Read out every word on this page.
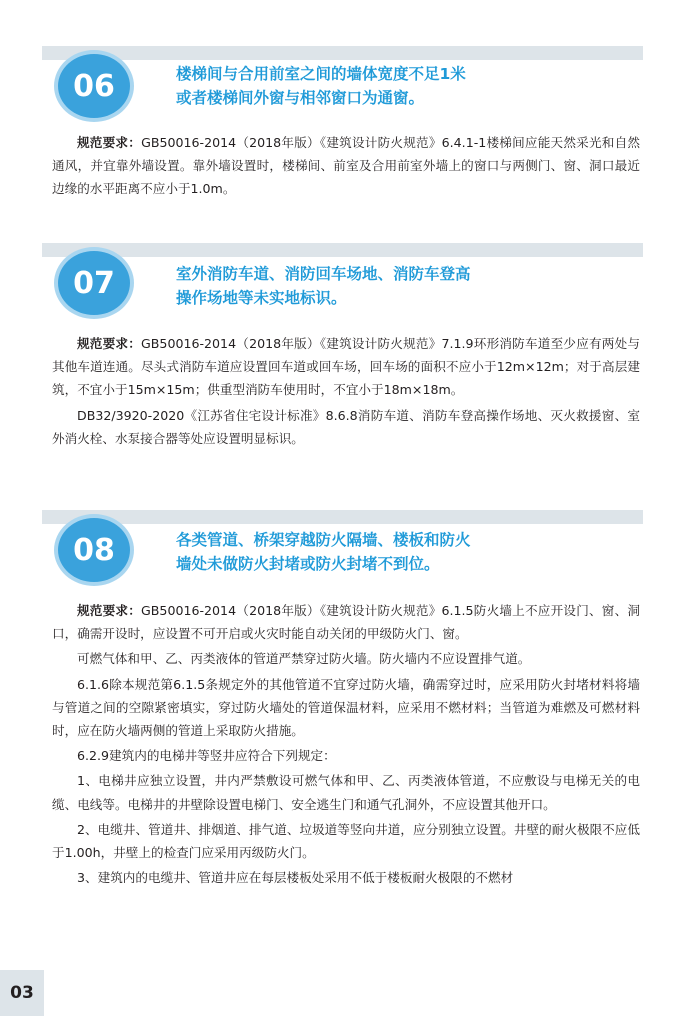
06	楼梯间与合用前室之间的墙体宽度不足1米
或者楼梯间外窗与相邻窗口为通窗。

规范要求：GB50016-2014（2018年版）《建筑设计防火规范》6.4.1-1楼梯间应能天然采光和自然通风，并宜靠外墙设置。靠外墙设置时，楼梯间、前室及合用前室外墙上的窗口与两侧门、窗、洞口最近边缘的水平距离不应小于1.0m。

07	室外消防车道、消防回车场地、消防车登高
操作场地等未实地标识。

规范要求：GB50016-2014（2018年版）《建筑设计防火规范》7.1.9环形消防车道至少应有两处与其他车道连通。尽头式消防车道应设置回车道或回车场，回车场的面积不应小于12m×12m；对于高层建筑，不宜小于15m×15m；供重型消防车使用时，不宜小于18m×18m。

DB32/3920-2020《江苏省住宅设计标准》8.6.8消防车道、消防车登高操作场地、灭火救援窗、室外消火栓、水泵接合器等处应设置明显标识。

08	各类管道、桥架穿越防火隔墙、楼板和防火
墙处未做防火封堵或防火封堵不到位。

规范要求：GB50016-2014（2018年版）《建筑设计防火规范》6.1.5防火墙上不应开设门、窗、洞口，确需开设时，应设置不可开启或火灾时能自动关闭的甲级防火门、窗。

可燃气体和甲、乙、丙类液体的管道严禁穿过防火墙。防火墙内不应设置排气道。

6.1.6除本规范第6.1.5条规定外的其他管道不宜穿过防火墙，确需穿过时，应采用防火封堵材料将墙与管道之间的空隙紧密填实，穿过防火墙处的管道保温材料，应采用不燃材料；当管道为难燃及可燃材料时，应在防火墙两侧的管道上采取防火措施。

6.2.9建筑内的电梯井等竖井应符合下列规定：

1、电梯井应独立设置，井内严禁敷设可燃气体和甲、乙、丙类液体管道，不应敷设与电梯无关的电缆、电线等。电梯井的井壁除设置电梯门、安全逃生门和通气孔洞外，不应设置其他开口。

2、电缆井、管道井、排烟道、排气道、垃圾道等竖向井道，应分别独立设置。井壁的耐火极限不应低于1.00h，井壁上的检查门应采用丙级防火门。

3、建筑内的电缆井、管道井应在每层楼板处采用不低于楼板耐火极限的不燃材

03
